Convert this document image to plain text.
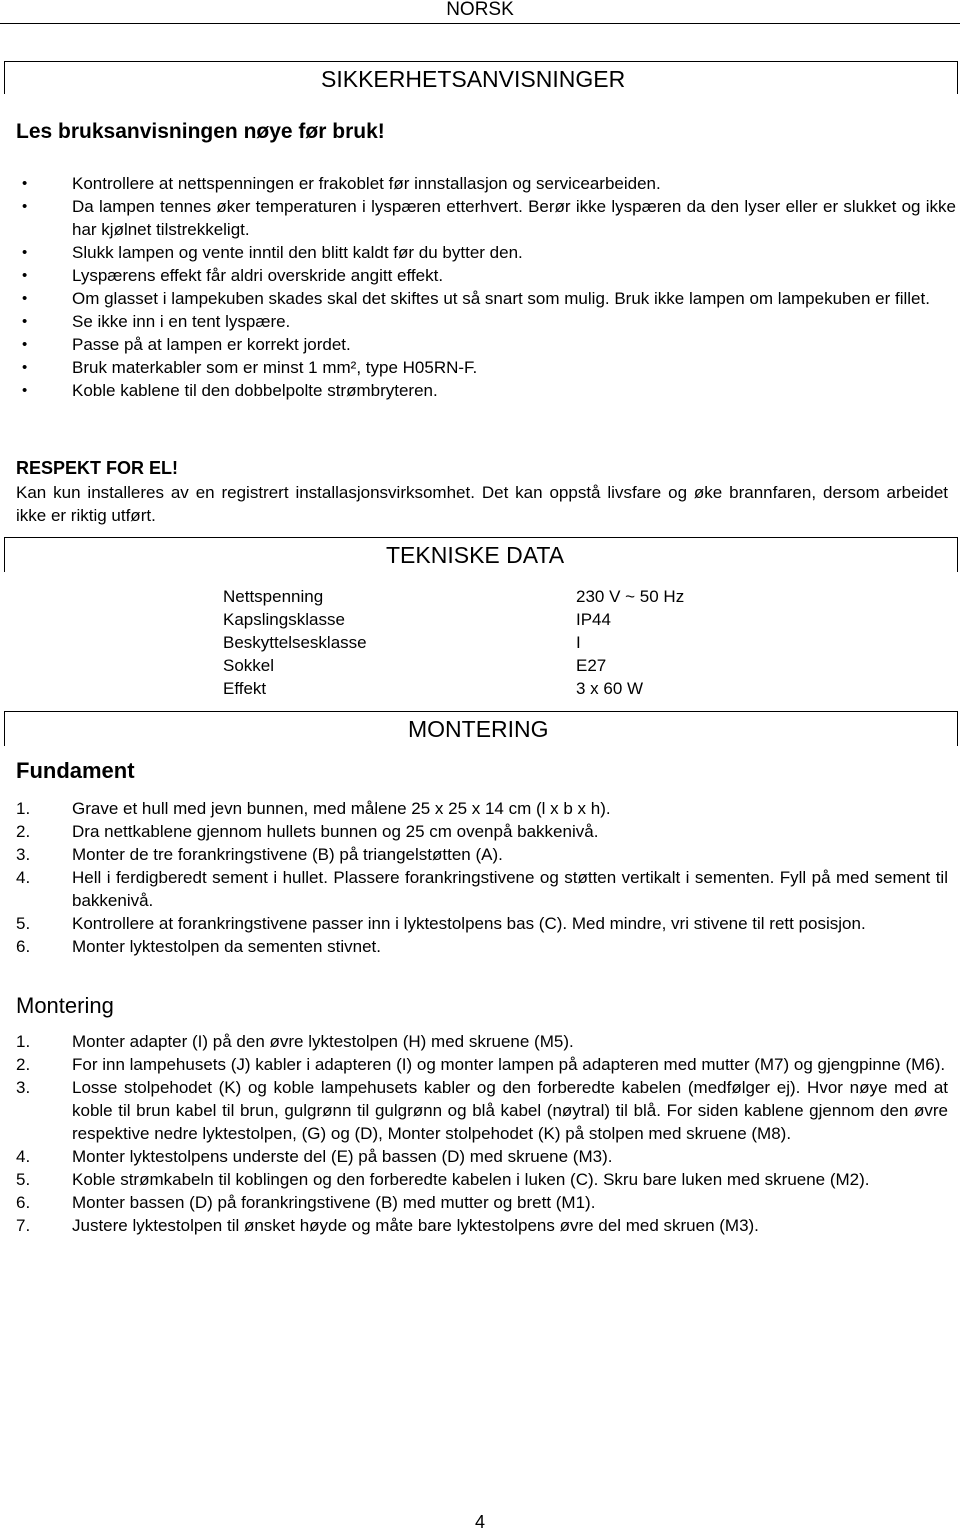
NORSK
SIKKERHETSANVISNINGER
Les bruksanvisningen nøye før bruk!
• Kontrollere at nettspenningen er frakoblet før innstallasjon og servicearbeiden.
• Da lampen tennes øker temperaturen i lyspæren etterhvert. Berør ikke lyspæren da den lyser eller er slukket og ikke har kjølnet tilstrekkeligt.
• Slukk lampen og vente inntil den blitt kaldt før du bytter den.
• Lyspærens effekt får aldri overskride angitt effekt.
• Om glasset i lampekuben skades skal det skiftes ut så snart som mulig. Bruk ikke lampen om lampekuben er fillet.
• Se ikke inn i en tent lyspære.
• Passe på at lampen er korrekt jordet.
• Bruk materkabler som er minst 1 mm², type H05RN-F.
• Koble kablene til den dobbelpolte strømbryteren.
RESPEKT FOR EL!
Kan kun installeres av en registrert installasjonsvirksomhet. Det kan oppstå livsfare og øke brannfaren, dersom arbeidet ikke er riktig utført.
TEKNISKE DATA
Nettspenning	230 V ~ 50 Hz
Kapslingsklasse	IP44
Beskyttelsesklasse	I
Sokkel	E27
Effekt	3 x 60 W
MONTERING
Fundament
1. Grave et hull med jevn bunnen, med målene 25 x 25 x 14 cm (l x b x h).
2. Dra nettkablene gjennom hullets bunnen og 25 cm ovenpå bakkenivå.
3. Monter de tre forankringstivene (B) på triangelstøtten (A).
4. Hell i ferdigberedt sement i hullet. Plassere forankringstivene og støtten vertikalt i sementen. Fyll på med sement til bakkenivå.
5. Kontrollere at forankringstivene passer inn i lyktestolpens bas (C). Med mindre, vri stivene til rett posisjon.
6. Monter lyktestolpen da sementen stivnet.
Montering
1. Monter adapter (I) på den øvre lyktestolpen (H) med skruene (M5).
2. For inn lampehusets (J) kabler i adapteren (I) og monter lampen på adapteren med mutter (M7) og gjengpinne (M6).
3. Losse stolpehodet (K) og koble lampehusets kabler og den forberedte kabelen (medfølger ej). Hvor nøye med at koble til brun kabel til brun, gulgrønn til gulgrønn og blå kabel (nøytral) til blå. For siden kablene gjennom den øvre respektive nedre lyktestolpen, (G) og (D), Monter stolpehodet (K) på stolpen med skruene (M8).
4. Monter lyktestolpens underste del (E) på bassen (D) med skruene (M3).
5. Koble strømkabeln til koblingen og den forberedte kabelen i luken (C). Skru bare luken med skruene (M2).
6. Monter bassen (D) på forankringstivene (B) med mutter og brett (M1).
7. Justere lyktestolpen til ønsket høyde og måte bare lyktestolpens øvre del med skruen (M3).
4
